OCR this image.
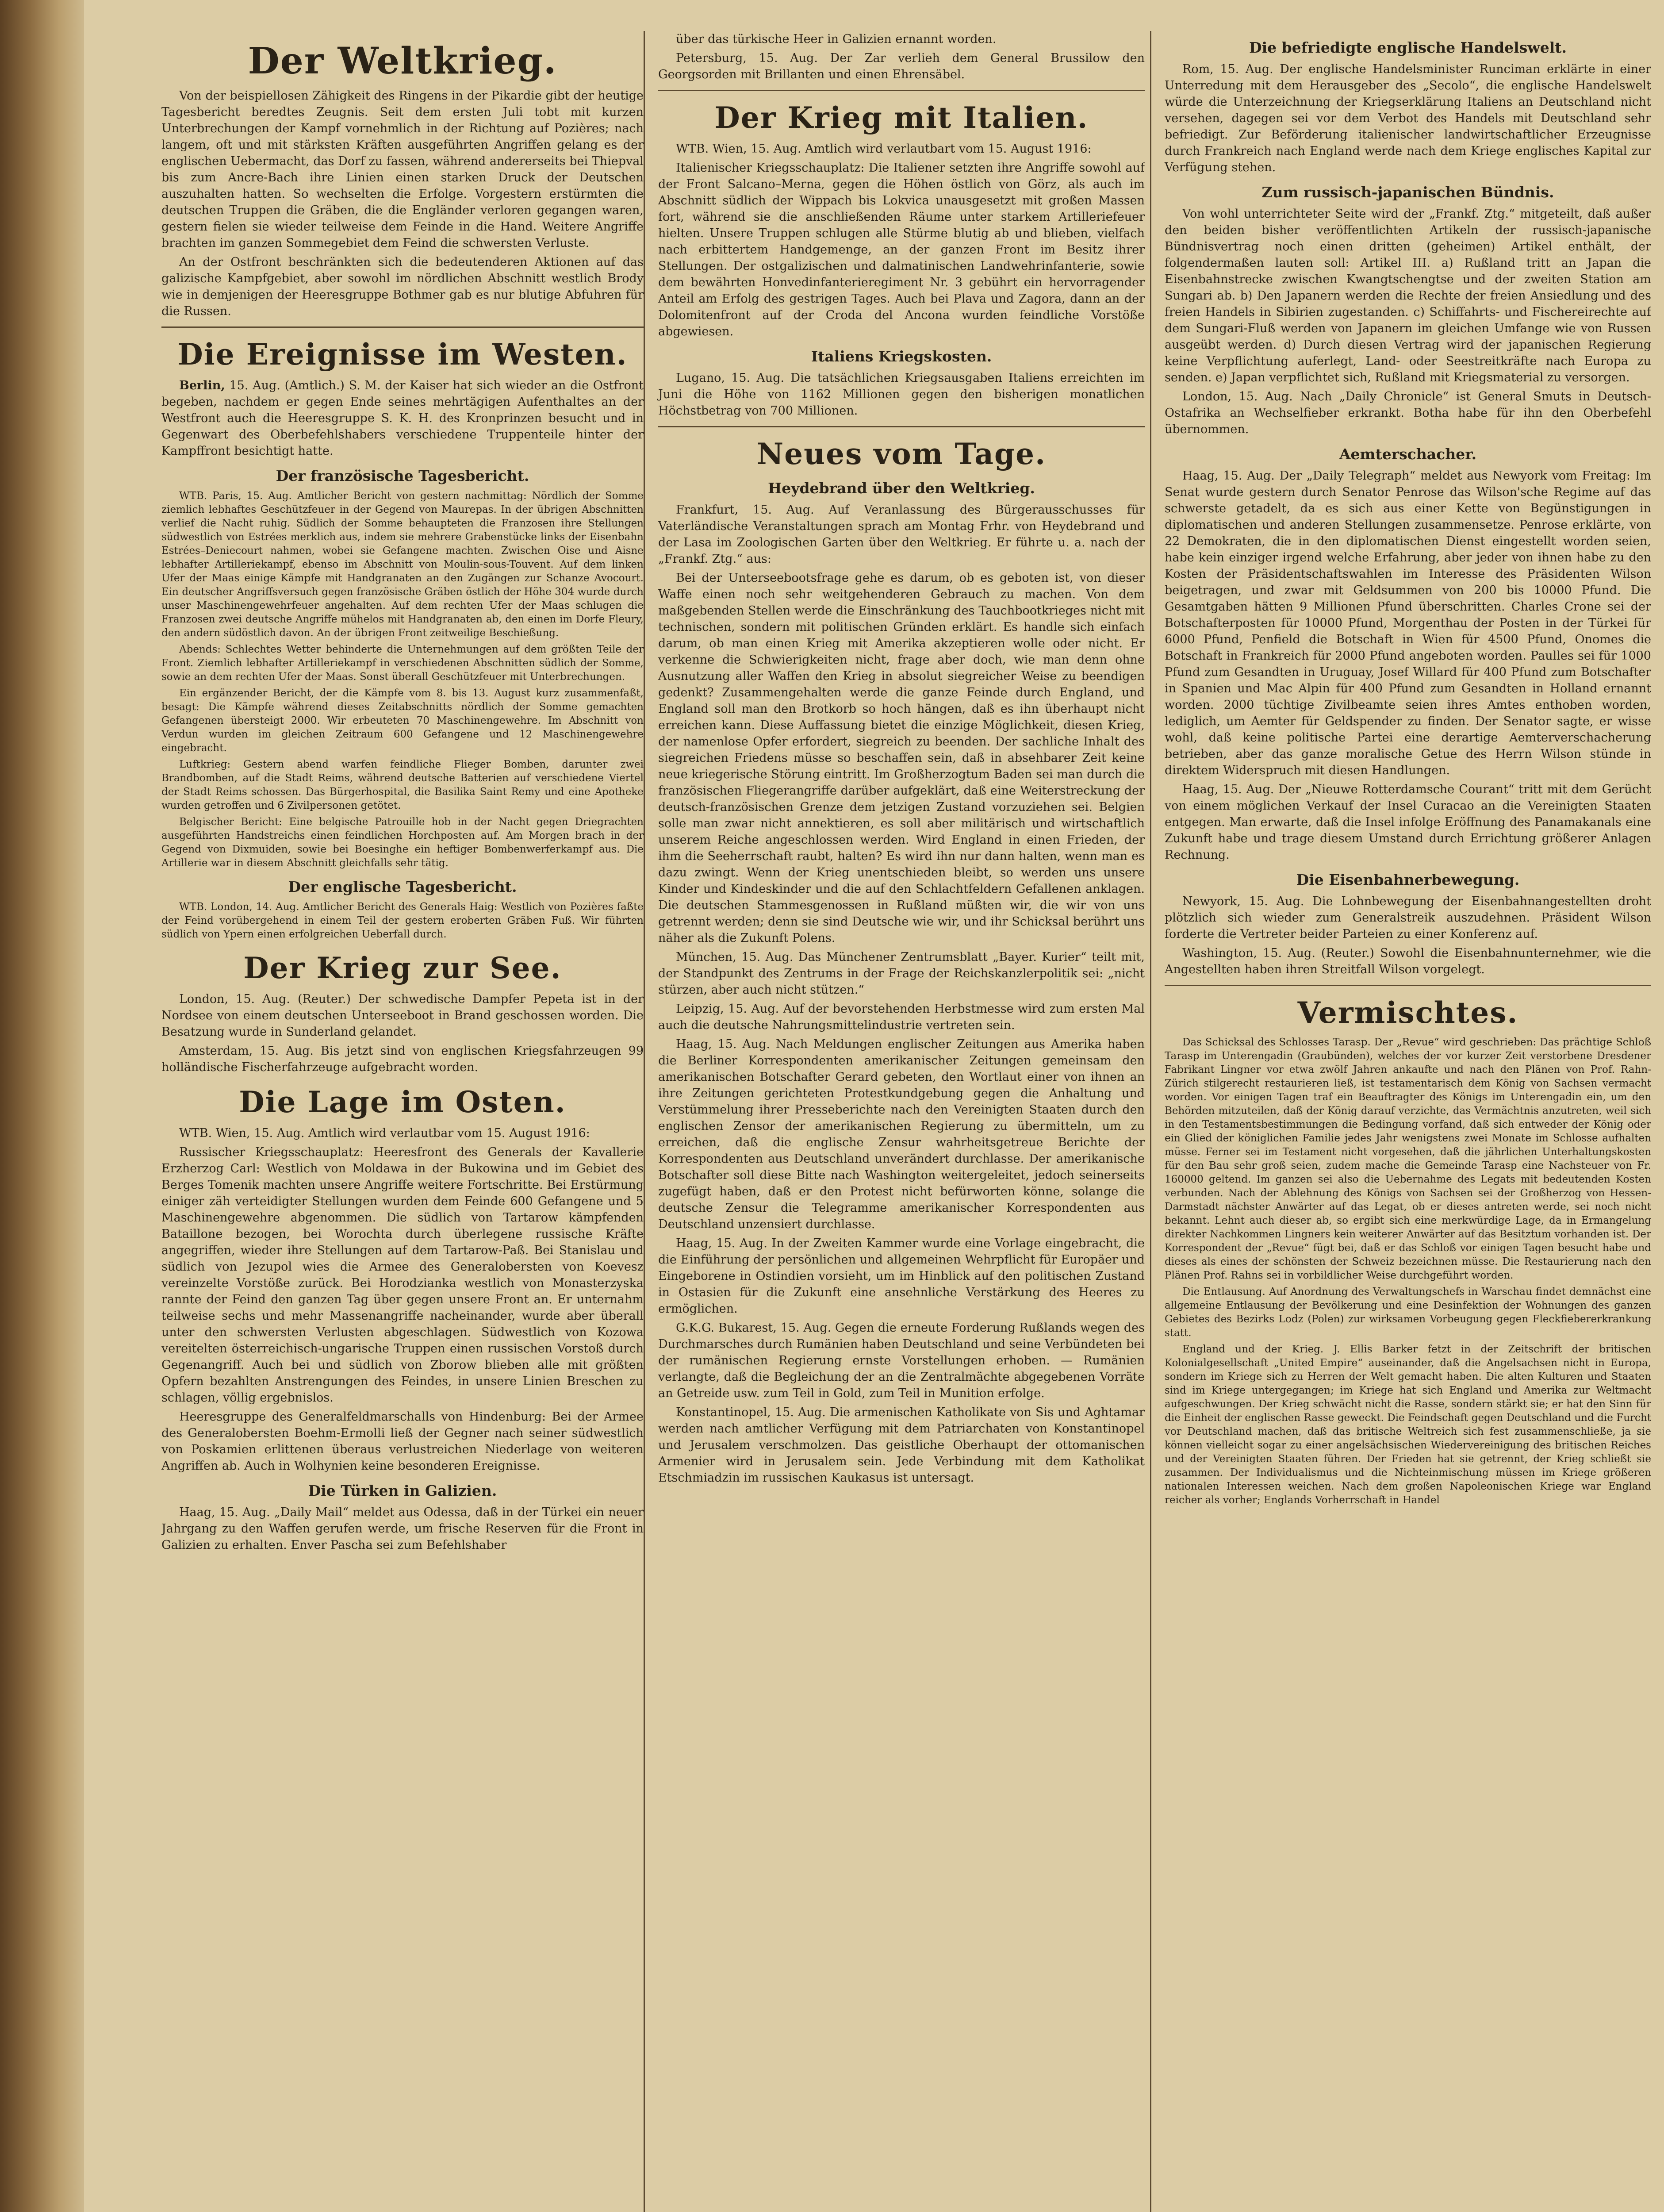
Der Weltkrieg.

Von der beispiellosen Zähigkeit des Ringens in der Pikardie gibt der heutige Tagesbericht beredtes Zeugnis. Seit dem ersten Juli tobt mit kurzen Unterbrechungen der Kampf vornehmlich in der Richtung auf Pozières; nach langem, oft und mit stärksten Kräften ausgeführten Angriffen gelang es der englischen Uebermacht, das Dorf zu fassen, während andererseits bei Thiepval bis zum Ancre-Bach ihre Linien einen starken Druck der Deutschen auszuhalten hatten. So wechselten die Erfolge. Vorgestern erstürmten die deutschen Truppen die Gräben, die die Engländer verloren gegangen waren, gestern fielen sie wieder teilweise dem Feinde in die Hand. Weitere Angriffe brachten im ganzen Sommegebiet dem Feind die schwersten Verluste.

An der Ostfront beschränkten sich die bedeutenderen Aktionen auf das galizische Kampfgebiet, aber sowohl im nördlichen Abschnitt westlich Brody wie in demjenigen der Heeresgruppe Bothmer gab es nur blutige Abfuhren für die Russen.

Die Ereignisse im Westen.

Berlin, 15. Aug. (Amtlich.) S. M. der Kaiser hat sich wieder an die Ostfront begeben, nachdem er gegen Ende seines mehrtägigen Aufenthaltes an der Westfront auch die Heeresgruppe S. K. H. des Kronprinzen besucht und in Gegenwart des Oberbefehlshabers verschiedene Truppenteile hinter der Kampffront besichtigt hatte.

Der französische Tagesbericht.

WTB. Paris, 15. Aug. Amtlicher Bericht von gestern nachmittag: Nördlich der Somme ziemlich lebhaftes Geschützfeuer in der Gegend von Maurepas. In der übrigen Abschnitten verlief die Nacht ruhig. Südlich der Somme behaupteten die Franzosen ihre Stellungen südwestlich von Estrées merklich aus, indem sie mehrere Grabenstücke links der Eisenbahn Estrées–Deniecourt nahmen, wobei sie Gefangene machten. Zwischen Oise und Aisne lebhafter Artilleriekampf, ebenso im Abschnitt von Moulin-sous-Touvent. Auf dem linken Ufer der Maas einige Kämpfe mit Handgranaten an den Zugängen zur Schanze Avocourt. Ein deutscher Angriffsversuch gegen französische Gräben östlich der Höhe 304 wurde durch unser Maschinengewehrfeuer angehalten. Auf dem rechten Ufer der Maas schlugen die Franzosen zwei deutsche Angriffe mühelos mit Handgranaten ab, den einen im Dorfe Fleury, den andern südöstlich davon. An der übrigen Front zeitweilige Beschießung.

Abends: Schlechtes Wetter behinderte die Unternehmungen auf dem größten Teile der Front. Ziemlich lebhafter Artilleriekampf in verschiedenen Abschnitten südlich der Somme, sowie an dem rechten Ufer der Maas. Sonst überall Geschützfeuer mit Unterbrechungen.

Ein ergänzender Bericht, der die Kämpfe vom 8. bis 13. August kurz zusammenfaßt, besagt: Die Kämpfe während dieses Zeitabschnitts nördlich der Somme gemachten Gefangenen übersteigt 2000. Wir erbeuteten 70 Maschinengewehre. Im Abschnitt von Verdun wurden im gleichen Zeitraum 600 Gefangene und 12 Maschinengewehre eingebracht.

Luftkrieg: Gestern abend warfen feindliche Flieger Bomben, darunter zwei Brandbomben, auf die Stadt Reims, während deutsche Batterien auf verschiedene Viertel der Stadt Reims schossen. Das Bürgerhospital, die Basilika Saint Remy und eine Apotheke wurden getroffen und 6 Zivilpersonen getötet.

Belgischer Bericht: Eine belgische Patrouille hob in der Nacht gegen Driegrachten ausgeführten Handstreichs einen feindlichen Horchposten auf. Am Morgen brach in der Gegend von Dixmuiden, sowie bei Boesinghe ein heftiger Bombenwerferkampf aus. Die Artillerie war in diesem Abschnitt gleichfalls sehr tätig.

Der englische Tagesbericht.

WTB. London, 14. Aug. Amtlicher Bericht des Generals Haig: Westlich von Pozières faßte der Feind vorübergehend in einem Teil der gestern eroberten Gräben Fuß. Wir führten südlich von Ypern einen erfolgreichen Ueberfall durch.

Der Krieg zur See.

London, 15. Aug. (Reuter.) Der schwedische Dampfer Pepeta ist in der Nordsee von einem deutschen Unterseeboot in Brand geschossen worden. Die Besatzung wurde in Sunderland gelandet.

Amsterdam, 15. Aug. Bis jetzt sind von englischen Kriegsfahrzeugen 99 holländische Fischerfahrzeuge aufgebracht worden.

Die Lage im Osten.

WTB. Wien, 15. Aug. Amtlich wird verlautbar vom 15. August 1916:

Russischer Kriegsschauplatz: Heeresfront des Generals der Kavallerie Erzherzog Carl: Westlich von Moldawa in der Bukowina und im Gebiet des Berges Tomenik machten unsere Angriffe weitere Fortschritte. Bei Erstürmung einiger zäh verteidigter Stellungen wurden dem Feinde 600 Gefangene und 5 Maschinengewehre abgenommen. Die südlich von Tartarow kämpfenden Bataillone bezogen, bei Worochta durch überlegene russische Kräfte angegriffen, wieder ihre Stellungen auf dem Tartarow-Paß. Bei Stanislau und südlich von Jezupol wies die Armee des Generalobersten von Koevesz vereinzelte Vorstöße zurück. Bei Horodzianka westlich von Monasterzyska rannte der Feind den ganzen Tag über gegen unsere Front an. Er unternahm teilweise sechs und mehr Massenangriffe nacheinander, wurde aber überall unter den schwersten Verlusten abgeschlagen. Südwestlich von Kozowa vereitelten österreichisch-ungarische Truppen einen russischen Vorstoß durch Gegenangriff. Auch bei und südlich von Zborow blieben alle mit größten Opfern bezahlten Anstrengungen des Feindes, in unsere Linien Breschen zu schlagen, völlig ergebnislos.

Heeresgruppe des Generalfeldmarschalls von Hindenburg: Bei der Armee des Generalobersten Boehm-Ermolli ließ der Gegner nach seiner südwestlich von Poskamien erlittenen überaus verlustreichen Niederlage von weiteren Angriffen ab. Auch in Wolhynien keine besonderen Ereignisse.

Die Türken in Galizien.

Haag, 15. Aug. „Daily Mail“ meldet aus Odessa, daß in der Türkei ein neuer Jahrgang zu den Waffen gerufen werde, um frische Reserven für die Front in Galizien zu erhalten. Enver Pascha sei zum Befehlshaber

über das türkische Heer in Galizien ernannt worden.

Petersburg, 15. Aug. Der Zar verlieh dem General Brussilow den Georgsorden mit Brillanten und einen Ehrensäbel.

Der Krieg mit Italien.

WTB. Wien, 15. Aug. Amtlich wird verlautbart vom 15. August 1916:

Italienischer Kriegsschauplatz: Die Italiener setzten ihre Angriffe sowohl auf der Front Salcano–Merna, gegen die Höhen östlich von Görz, als auch im Abschnitt südlich der Wippach bis Lokvica unausgesetzt mit großen Massen fort, während sie die anschließenden Räume unter starkem Artilleriefeuer hielten. Unsere Truppen schlugen alle Stürme blutig ab und blieben, vielfach nach erbittertem Handgemenge, an der ganzen Front im Besitz ihrer Stellungen. Der ostgalizischen und dalmatinischen Landwehrinfanterie, sowie dem bewährten Honvedinfanterieregiment Nr. 3 gebührt ein hervorragender Anteil am Erfolg des gestrigen Tages. Auch bei Plava und Zagora, dann an der Dolomitenfront auf der Croda del Ancona wurden feindliche Vorstöße abgewiesen.

Italiens Kriegskosten.

Lugano, 15. Aug. Die tatsächlichen Kriegsausgaben Italiens erreichten im Juni die Höhe von 1162 Millionen gegen den bisherigen monatlichen Höchstbetrag von 700 Millionen.

Neues vom Tage.
Heydebrand über den Weltkrieg.

Frankfurt, 15. Aug. Auf Veranlassung des Bürgerausschusses für Vaterländische Veranstaltungen sprach am Montag Frhr. von Heydebrand und der Lasa im Zoologischen Garten über den Weltkrieg. Er führte u. a. nach der „Frankf. Ztg.“ aus:

Bei der Unterseebootsfrage gehe es darum, ob es geboten ist, von dieser Waffe einen noch sehr weitgehenderen Gebrauch zu machen. Von dem maßgebenden Stellen werde die Einschränkung des Tauchbootkrieges nicht mit technischen, sondern mit politischen Gründen erklärt. Es handle sich einfach darum, ob man einen Krieg mit Amerika akzeptieren wolle oder nicht. Er verkenne die Schwierigkeiten nicht, frage aber doch, wie man denn ohne Ausnutzung aller Waffen den Krieg in absolut siegreicher Weise zu beendigen gedenkt? Zusammengehalten werde die ganze Feinde durch England, und England soll man den Brotkorb so hoch hängen, daß es ihn überhaupt nicht erreichen kann. Diese Auffassung bietet die einzige Möglichkeit, diesen Krieg, der namenlose Opfer erfordert, siegreich zu beenden. Der sachliche Inhalt des siegreichen Friedens müsse so beschaffen sein, daß in absehbarer Zeit keine neue kriegerische Störung eintritt. Im Großherzogtum Baden sei man durch die französischen Fliegerangriffe darüber aufgeklärt, daß eine Weiterstreckung der deutsch-französischen Grenze dem jetzigen Zustand vorzuziehen sei. Belgien solle man zwar nicht annektieren, es soll aber militärisch und wirtschaftlich unserem Reiche angeschlossen werden. Wird England in einen Frieden, der ihm die Seeherrschaft raubt, halten? Es wird ihn nur dann halten, wenn man es dazu zwingt. Wenn der Krieg unentschieden bleibt, so werden uns unsere Kinder und Kindeskinder und die auf den Schlachtfeldern Gefallenen anklagen. Die deutschen Stammesgenossen in Rußland müßten wir, die wir von uns getrennt werden; denn sie sind Deutsche wie wir, und ihr Schicksal berührt uns näher als die Zukunft Polens.

München, 15. Aug. Das Münchener Zentrumsblatt „Bayer. Kurier“ teilt mit, der Standpunkt des Zentrums in der Frage der Reichskanzlerpolitik sei: „nicht stürzen, aber auch nicht stützen.“

Leipzig, 15. Aug. Auf der bevorstehenden Herbstmesse wird zum ersten Mal auch die deutsche Nahrungsmittelindustrie vertreten sein.

Haag, 15. Aug. Nach Meldungen englischer Zeitungen aus Amerika haben die Berliner Korrespondenten amerikanischer Zeitungen gemeinsam den amerikanischen Botschafter Gerard gebeten, den Wortlaut einer von ihnen an ihre Zeitungen gerichteten Protestkundgebung gegen die Anhaltung und Verstümmelung ihrer Presseberichte nach den Vereinigten Staaten durch den englischen Zensor der amerikanischen Regierung zu übermitteln, um zu erreichen, daß die englische Zensur wahrheitsgetreue Berichte der Korrespondenten aus Deutschland unverändert durchlasse. Der amerikanische Botschafter soll diese Bitte nach Washington weitergeleitet, jedoch seinerseits zugefügt haben, daß er den Protest nicht befürworten könne, solange die deutsche Zensur die Telegramme amerikanischer Korrespondenten aus Deutschland unzensiert durchlasse.

Haag, 15. Aug. In der Zweiten Kammer wurde eine Vorlage eingebracht, die die Einführung der persönlichen und allgemeinen Wehrpflicht für Europäer und Eingeborene in Ostindien vorsieht, um im Hinblick auf den politischen Zustand in Ostasien für die Zukunft eine ansehnliche Verstärkung des Heeres zu ermöglichen.

G.K.G. Bukarest, 15. Aug. Gegen die erneute Forderung Rußlands wegen des Durchmarsches durch Rumänien haben Deutschland und seine Verbündeten bei der rumänischen Regierung ernste Vorstellungen erhoben. — Rumänien verlangte, daß die Begleichung der an die Zentralmächte abgegebenen Vorräte an Getreide usw. zum Teil in Gold, zum Teil in Munition erfolge.

Konstantinopel, 15. Aug. Die armenischen Katholikate von Sis und Aghtamar werden nach amtlicher Verfügung mit dem Patriarchaten von Konstantinopel und Jerusalem verschmolzen. Das geistliche Oberhaupt der ottomanischen Armenier wird in Jerusalem sein. Jede Verbindung mit dem Katholikat Etschmiadzin im russischen Kaukasus ist untersagt.

Die befriedigte englische Handelswelt.

Rom, 15. Aug. Der englische Handelsminister Runciman erklärte in einer Unterredung mit dem Herausgeber des „Secolo“, die englische Handelswelt würde die Unterzeichnung der Kriegserklärung Italiens an Deutschland nicht versehen, dagegen sei vor dem Verbot des Handels mit Deutschland sehr befriedigt. Zur Beförderung italienischer landwirtschaftlicher Erzeugnisse durch Frankreich nach England werde nach dem Kriege englisches Kapital zur Verfügung stehen.

Zum russisch-japanischen Bündnis.

Von wohl unterrichteter Seite wird der „Frankf. Ztg.“ mitgeteilt, daß außer den beiden bisher veröffentlichten Artikeln der russisch-japanische Bündnisvertrag noch einen dritten (geheimen) Artikel enthält, der folgendermaßen lauten soll: Artikel III. a) Rußland tritt an Japan die Eisenbahnstrecke zwischen Kwangtschengtse und der zweiten Station am Sungari ab. b) Den Japanern werden die Rechte der freien Ansiedlung und des freien Handels in Sibirien zugestanden. c) Schiffahrts- und Fischereirechte auf dem Sungari-Fluß werden von Japanern im gleichen Umfange wie von Russen ausgeübt werden. d) Durch diesen Vertrag wird der japanischen Regierung keine Verpflichtung auferlegt, Land- oder Seestreitkräfte nach Europa zu senden. e) Japan verpflichtet sich, Rußland mit Kriegsmaterial zu versorgen.

London, 15. Aug. Nach „Daily Chronicle“ ist General Smuts in Deutsch-Ostafrika an Wechselfieber erkrankt. Botha habe für ihn den Oberbefehl übernommen.

Aemterschacher.

Haag, 15. Aug. Der „Daily Telegraph“ meldet aus Newyork vom Freitag: Im Senat wurde gestern durch Senator Penrose das Wilson'sche Regime auf das schwerste getadelt, da es sich aus einer Kette von Begünstigungen in diplomatischen und anderen Stellungen zusammensetze. Penrose erklärte, von 22 Demokraten, die in den diplomatischen Dienst eingestellt worden seien, habe kein einziger irgend welche Erfahrung, aber jeder von ihnen habe zu den Kosten der Präsidentschaftswahlen im Interesse des Präsidenten Wilson beigetragen, und zwar mit Geldsummen von 200 bis 10000 Pfund. Die Gesamtgaben hätten 9 Millionen Pfund überschritten. Charles Crone sei der Botschafterposten für 10000 Pfund, Morgenthau der Posten in der Türkei für 6000 Pfund, Penfield die Botschaft in Wien für 4500 Pfund, Onomes die Botschaft in Frankreich für 2000 Pfund angeboten worden. Paulles sei für 1000 Pfund zum Gesandten in Uruguay, Josef Willard für 400 Pfund zum Botschafter in Spanien und Mac Alpin für 400 Pfund zum Gesandten in Holland ernannt worden. 2000 tüchtige Zivilbeamte seien ihres Amtes enthoben worden, lediglich, um Aemter für Geldspender zu finden. Der Senator sagte, er wisse wohl, daß keine politische Partei eine derartige Aemterverschacherung betrieben, aber das ganze moralische Getue des Herrn Wilson stünde in direktem Widerspruch mit diesen Handlungen.

Haag, 15. Aug. Der „Nieuwe Rotterdamsche Courant“ tritt mit dem Gerücht von einem möglichen Verkauf der Insel Curacao an die Vereinigten Staaten entgegen. Man erwarte, daß die Insel infolge Eröffnung des Panamakanals eine Zukunft habe und trage diesem Umstand durch Errichtung größerer Anlagen Rechnung.

Die Eisenbahnerbewegung.

Newyork, 15. Aug. Die Lohnbewegung der Eisenbahnangestellten droht plötzlich sich wieder zum Generalstreik auszudehnen. Präsident Wilson forderte die Vertreter beider Parteien zu einer Konferenz auf.

Washington, 15. Aug. (Reuter.) Sowohl die Eisenbahnunternehmer, wie die Angestellten haben ihren Streitfall Wilson vorgelegt.

Vermischtes.

Das Schicksal des Schlosses Tarasp. Der „Revue“ wird geschrieben: Das prächtige Schloß Tarasp im Unterengadin (Graubünden), welches der vor kurzer Zeit verstorbene Dresdener Fabrikant Lingner vor etwa zwölf Jahren ankaufte und nach den Plänen von Prof. Rahn-Zürich stilgerecht restaurieren ließ, ist testamentarisch dem König von Sachsen vermacht worden. Vor einigen Tagen traf ein Beauftragter des Königs im Unterengadin ein, um den Behörden mitzuteilen, daß der König darauf verzichte, das Vermächtnis anzutreten, weil sich in den Testamentsbestimmungen die Bedingung vorfand, daß sich entweder der König oder ein Glied der königlichen Familie jedes Jahr wenigstens zwei Monate im Schlosse aufhalten müsse. Ferner sei im Testament nicht vorgesehen, daß die jährlichen Unterhaltungskosten für den Bau sehr groß seien, zudem mache die Gemeinde Tarasp eine Nachsteuer von Fr. 160000 geltend. Im ganzen sei also die Uebernahme des Legats mit bedeutenden Kosten verbunden. Nach der Ablehnung des Königs von Sachsen sei der Großherzog von Hessen-Darmstadt nächster Anwärter auf das Legat, ob er dieses antreten werde, sei noch nicht bekannt. Lehnt auch dieser ab, so ergibt sich eine merkwürdige Lage, da in Ermangelung direkter Nachkommen Lingners kein weiterer Anwärter auf das Besitztum vorhanden ist. Der Korrespondent der „Revue“ fügt bei, daß er das Schloß vor einigen Tagen besucht habe und dieses als eines der schönsten der Schweiz bezeichnen müsse. Die Restaurierung nach den Plänen Prof. Rahns sei in vorbildlicher Weise durchgeführt worden.

Die Entlausung. Auf Anordnung des Verwaltungschefs in Warschau findet demnächst eine allgemeine Entlausung der Bevölkerung und eine Desinfektion der Wohnungen des ganzen Gebietes des Bezirks Lodz (Polen) zur wirksamen Vorbeugung gegen Fleckfiebererkrankung statt.

England und der Krieg. J. Ellis Barker fetzt in der Zeitschrift der britischen Kolonialgesellschaft „United Empire“ auseinander, daß die Angelsachsen nicht in Europa, sondern im Kriege sich zu Herren der Welt gemacht haben. Die alten Kulturen und Staaten sind im Kriege untergegangen; im Kriege hat sich England und Amerika zur Weltmacht aufgeschwungen. Der Krieg schwächt nicht die Rasse, sondern stärkt sie; er hat den Sinn für die Einheit der englischen Rasse geweckt. Die Feindschaft gegen Deutschland und die Furcht vor Deutschland machen, daß das britische Weltreich sich fest zusammenschließe, ja sie können vielleicht sogar zu einer angelsächsischen Wiedervereinigung des britischen Reiches und der Vereinigten Staaten führen. Der Frieden hat sie getrennt, der Krieg schließt sie zusammen. Der Individualismus und die Nichteinmischung müssen im Kriege größeren nationalen Interessen weichen. Nach dem großen Napoleonischen Kriege war England reicher als vorher; Englands Vorherrschaft in Handel
